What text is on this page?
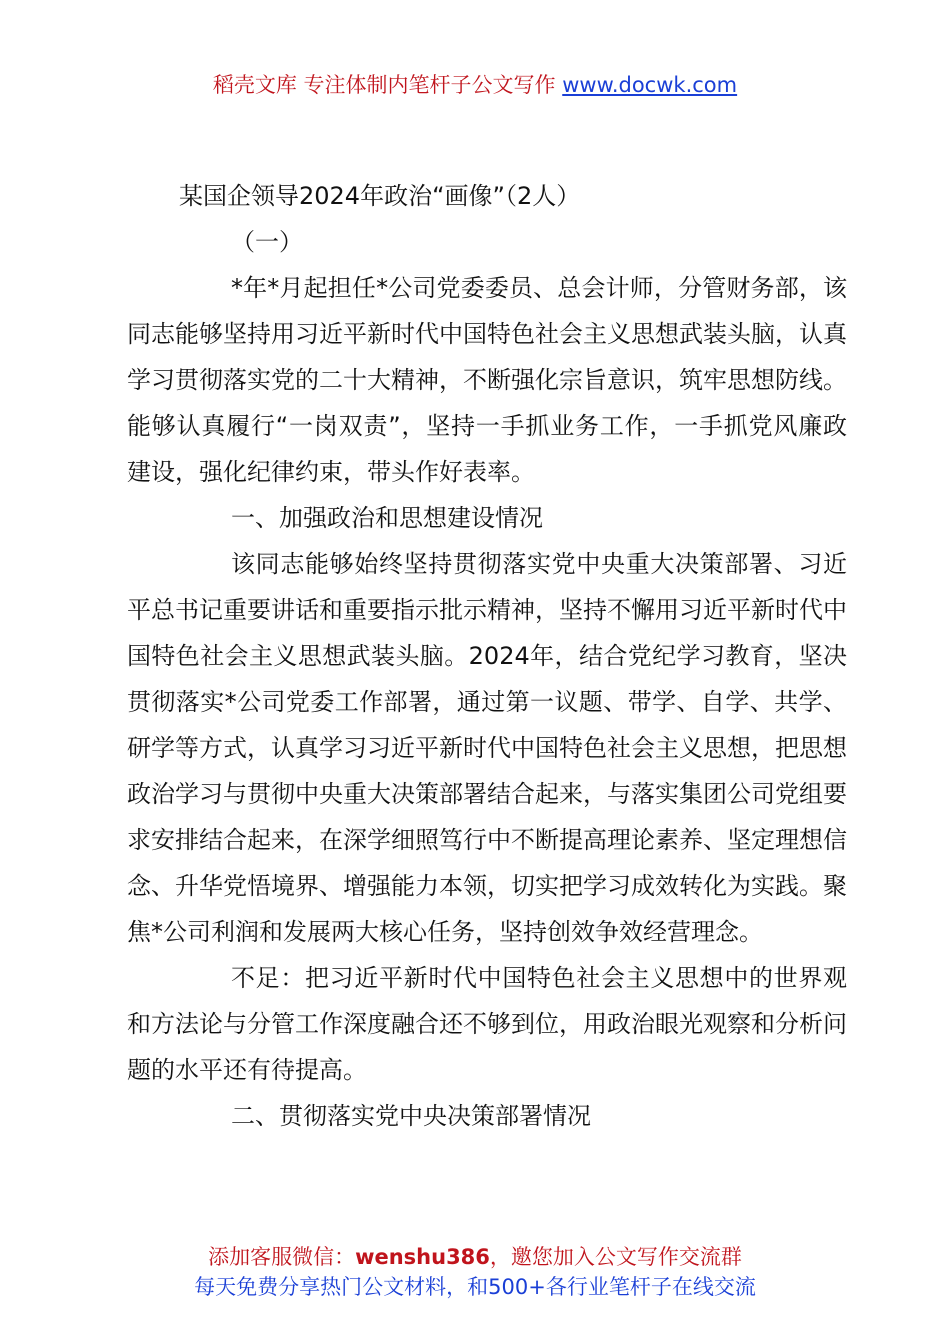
稻壳文库 专注体制内笔杆子公文写作 www.docwk.com

某国企领导2024年政治“画像”（2人）

（一）

*年*月起担任*公司党委委员、总会计师，分管财务部，该同志能够坚持用习近平新时代中国特色社会主义思想武装头脑，认真学习贯彻落实党的二十大精神，不断强化宗旨意识，筑牢思想防线。能够认真履行“一岗双责”，坚持一手抓业务工作，一手抓党风廉政建设，强化纪律约束，带头作好表率。

一、加强政治和思想建设情况

该同志能够始终坚持贯彻落实党中央重大决策部署、习近平总书记重要讲话和重要指示批示精神，坚持不懈用习近平新时代中国特色社会主义思想武装头脑。2024年，结合党纪学习教育，坚决贯彻落实*公司党委工作部署，通过第一议题、带学、自学、共学、研学等方式，认真学习习近平新时代中国特色社会主义思想，把思想政治学习与贯彻中央重大决策部署结合起来，与落实集团公司党组要求安排结合起来，在深学细照笃行中不断提高理论素养、坚定理想信念、升华党悟境界、增强能力本领，切实把学习成效转化为实践。聚焦*公司利润和发展两大核心任务，坚持创效争效经营理念。

不足：把习近平新时代中国特色社会主义思想中的世界观和方法论与分管工作深度融合还不够到位，用政治眼光观察和分析问题的水平还有待提高。

二、贯彻落实党中央决策部署情况

添加客服微信：wenshu386，邀您加入公文写作交流群
每天免费分享热门公文材料，和500+各行业笔杆子在线交流
